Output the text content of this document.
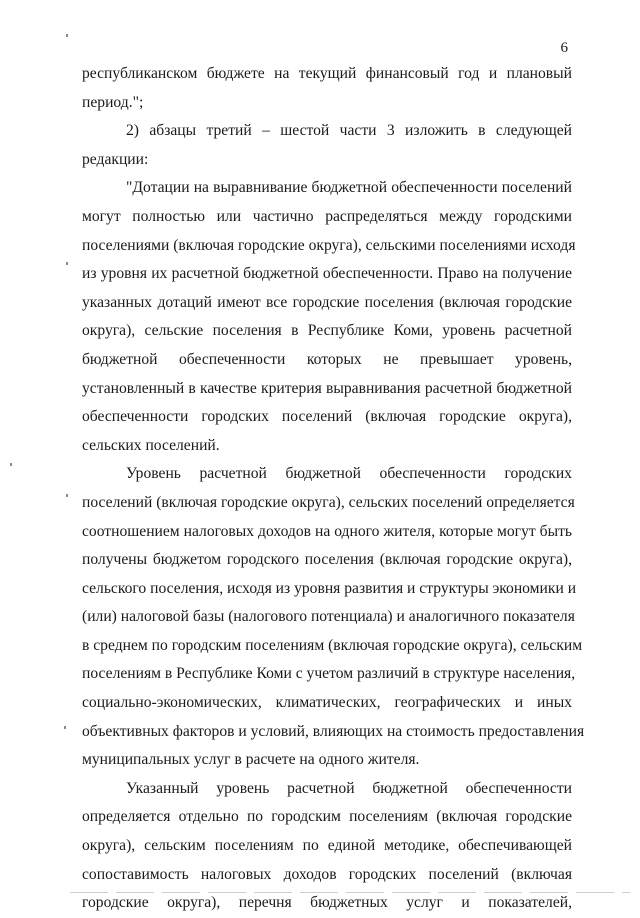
6
республиканском бюджете на текущий финансовый год и плановый
период.";
2) абзацы третий – шестой части 3 изложить в следующей
редакции:
"Дотации на выравнивание бюджетной обеспеченности поселений
могут полностью или частично распределяться между городскими
поселениями (включая городские округа), сельскими поселениями исходя
из уровня их расчетной бюджетной обеспеченности. Право на получение
указанных дотаций имеют все городские поселения (включая городские
округа), сельские поселения в Республике Коми, уровень расчетной
бюджетной обеспеченности которых не превышает уровень,
установленный в качестве критерия выравнивания расчетной бюджетной
обеспеченности городских поселений (включая городские округа),
сельских поселений.
Уровень расчетной бюджетной обеспеченности городских
поселений (включая городские округа), сельских поселений определяется
соотношением налоговых доходов на одного жителя, которые могут быть
получены бюджетом городского поселения (включая городские округа),
сельского поселения, исходя из уровня развития и структуры экономики и
(или) налоговой базы (налогового потенциала) и аналогичного показателя
в среднем по городским поселениям (включая городские округа), сельским
поселениям в Республике Коми с учетом различий в структуре населения,
социально-экономических, климатических, географических и иных
объективных факторов и условий, влияющих на стоимость предоставления
муниципальных услуг в расчете на одного жителя.
Указанный уровень расчетной бюджетной обеспеченности
определяется отдельно по городским поселениям (включая городские
округа), сельским поселениям по единой методике, обеспечивающей
сопоставимость налоговых доходов городских поселений (включая
городские округа), перечня бюджетных услуг и показателей,
